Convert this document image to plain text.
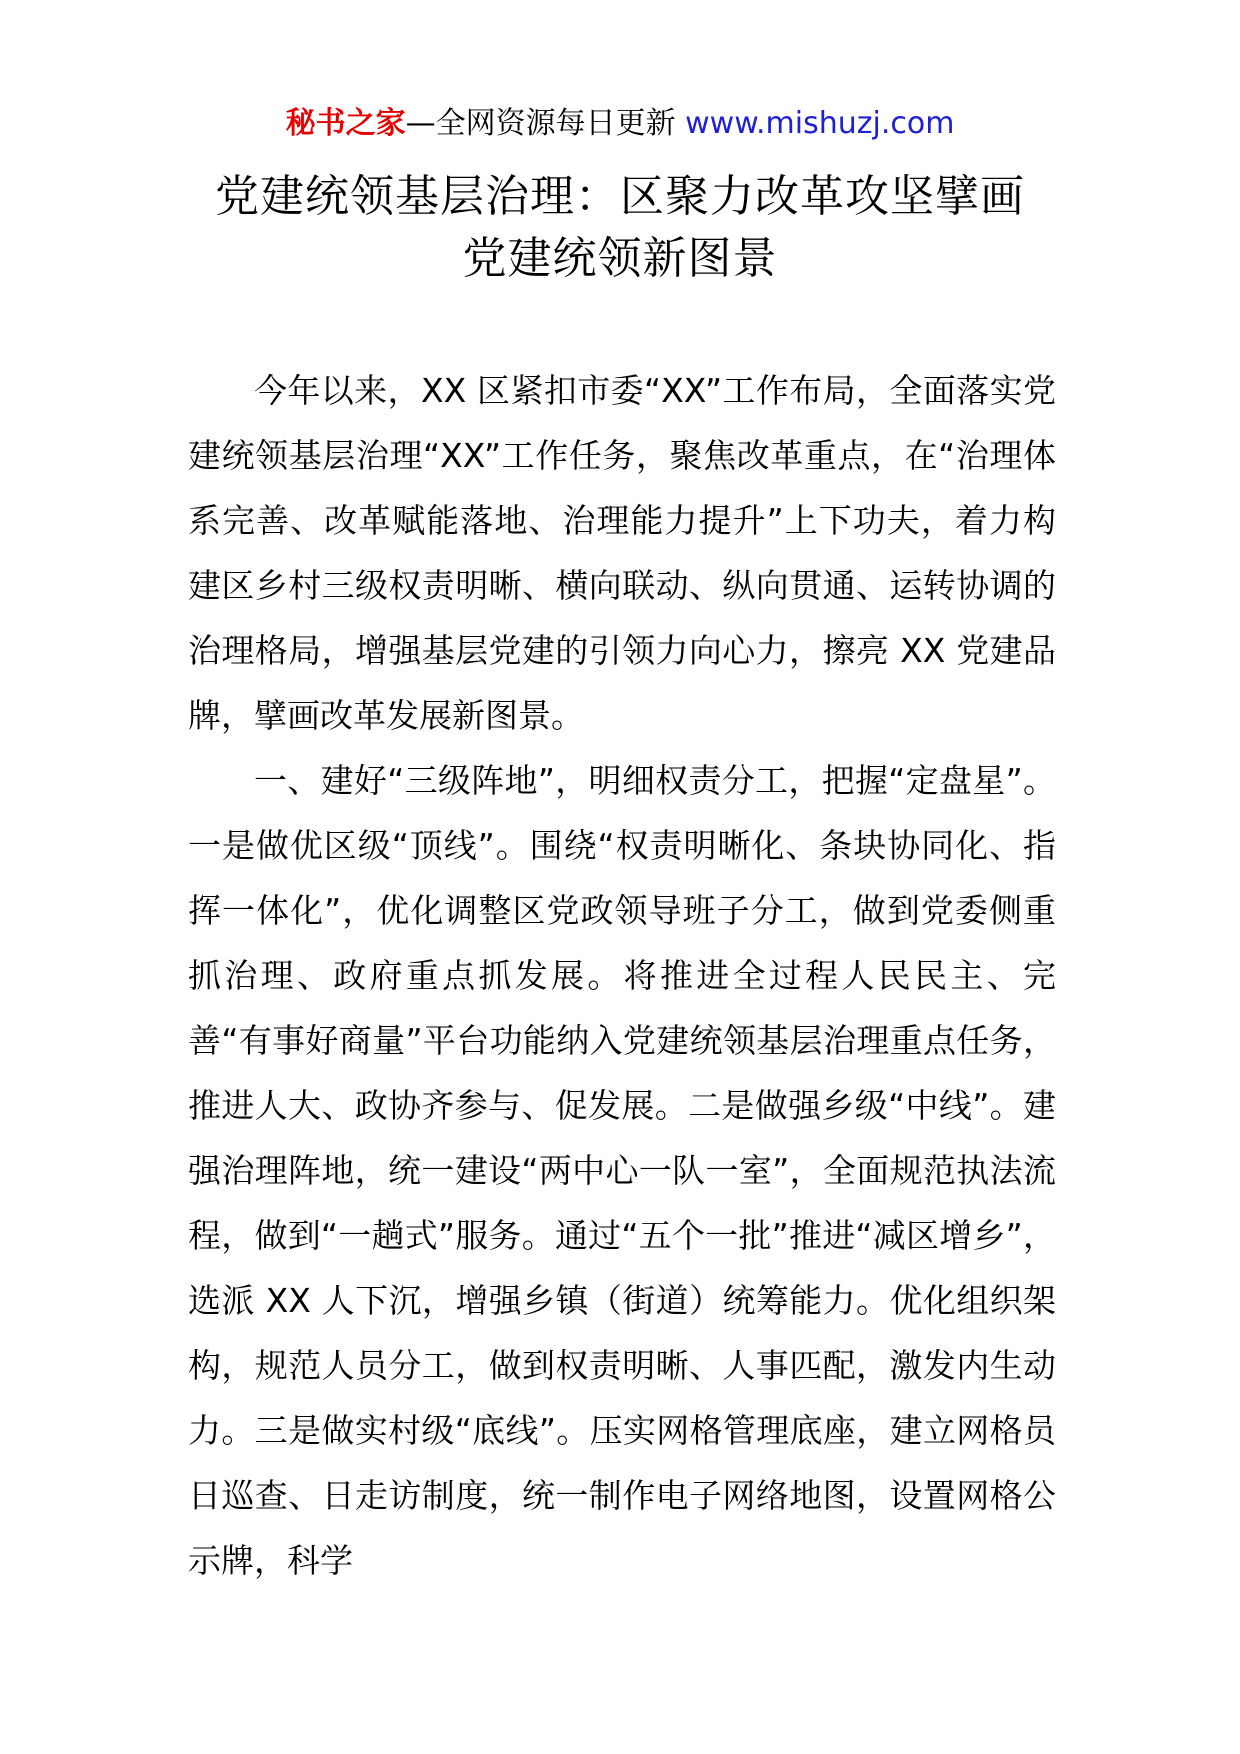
秘书之家—全网资源每日更新 www.mishuzj.com
党建统领基层治理：区聚力改革攻坚擘画
党建统领新图景

今年以来，XX 区紧扣市委“XX”工作布局，全面落实党建统领基层治理“XX”工作任务，聚焦改革重点，在“治理体系完善、改革赋能落地、治理能力提升”上下功夫，着力构建区乡村三级权责明晰、横向联动、纵向贯通、运转协调的治理格局，增强基层党建的引领力向心力，擦亮 XX 党建品牌，擘画改革发展新图景。

一、建好“三级阵地”，明细权责分工，把握“定盘星”。一是做优区级“顶线”。围绕“权责明晰化、条块协同化、指挥一体化”，优化调整区党政领导班子分工，做到党委侧重抓治理、政府重点抓发展。将推进全过程人民民主、完善“有事好商量”平台功能纳入党建统领基层治理重点任务，推进人大、政协齐参与、促发展。二是做强乡级“中线”。建强治理阵地，统一建设“两中心一队一室”，全面规范执法流程，做到“一趟式”服务。通过“五个一批”推进“减区增乡”，选派 XX 人下沉，增强乡镇（街道）统筹能力。优化组织架构，规范人员分工，做到权责明晰、人事匹配，激发内生动力。三是做实村级“底线”。压实网格管理底座，建立网格员日巡查、日走访制度，统一制作电子网络地图，设置网格公示牌，科学
